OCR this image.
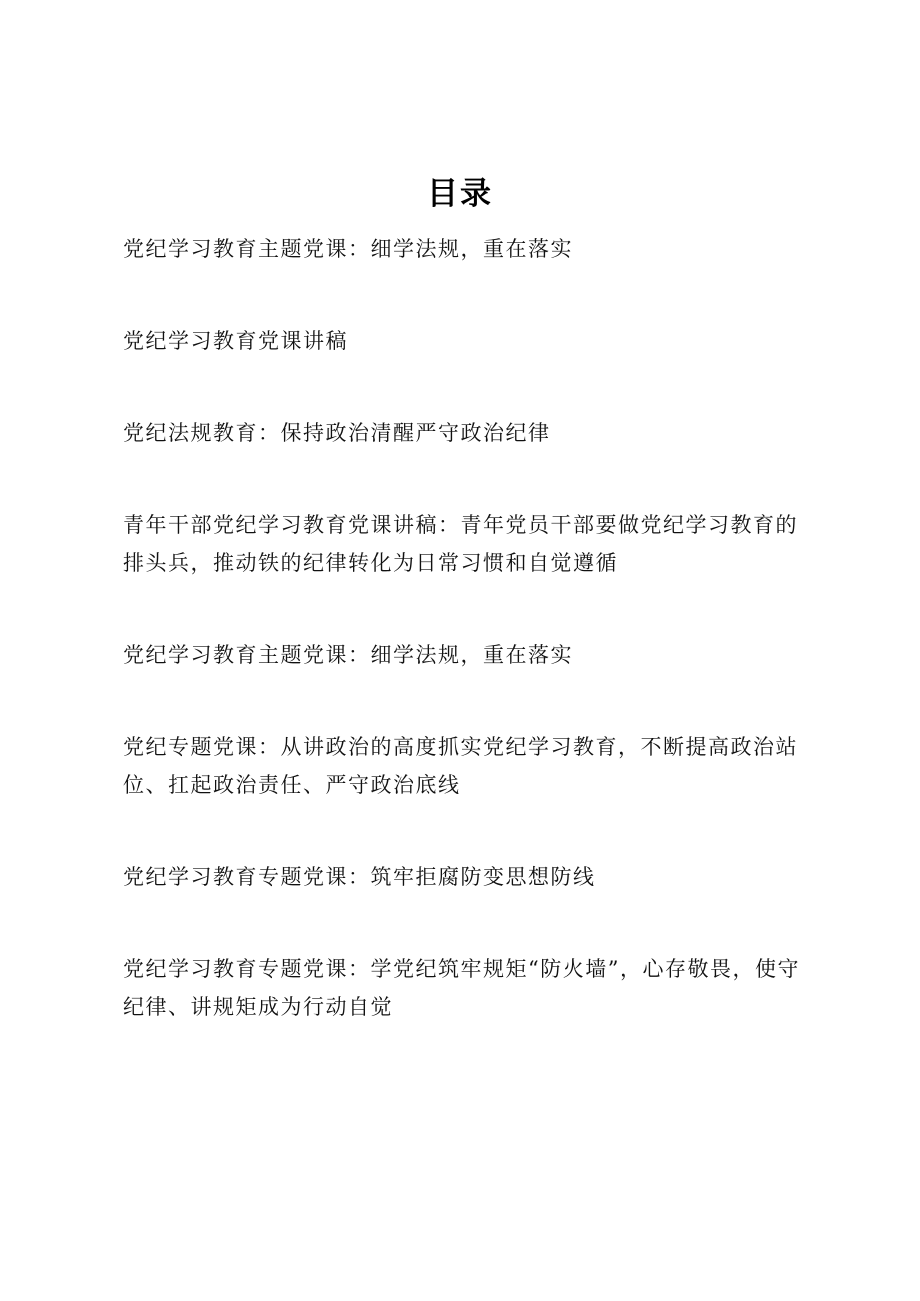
目录
党纪学习教育主题党课：细学法规，重在落实
党纪学习教育党课讲稿
党纪法规教育：保持政治清醒严守政治纪律
青年干部党纪学习教育党课讲稿：青年党员干部要做党纪学习教育的排头兵，推动铁的纪律转化为日常习惯和自觉遵循
党纪学习教育主题党课：细学法规，重在落实
党纪专题党课：从讲政治的高度抓实党纪学习教育，不断提高政治站位、扛起政治责任、严守政治底线
党纪学习教育专题党课：筑牢拒腐防变思想防线
党纪学习教育专题党课：学党纪筑牢规矩“防火墙”，心存敬畏，使守纪律、讲规矩成为行动自觉
